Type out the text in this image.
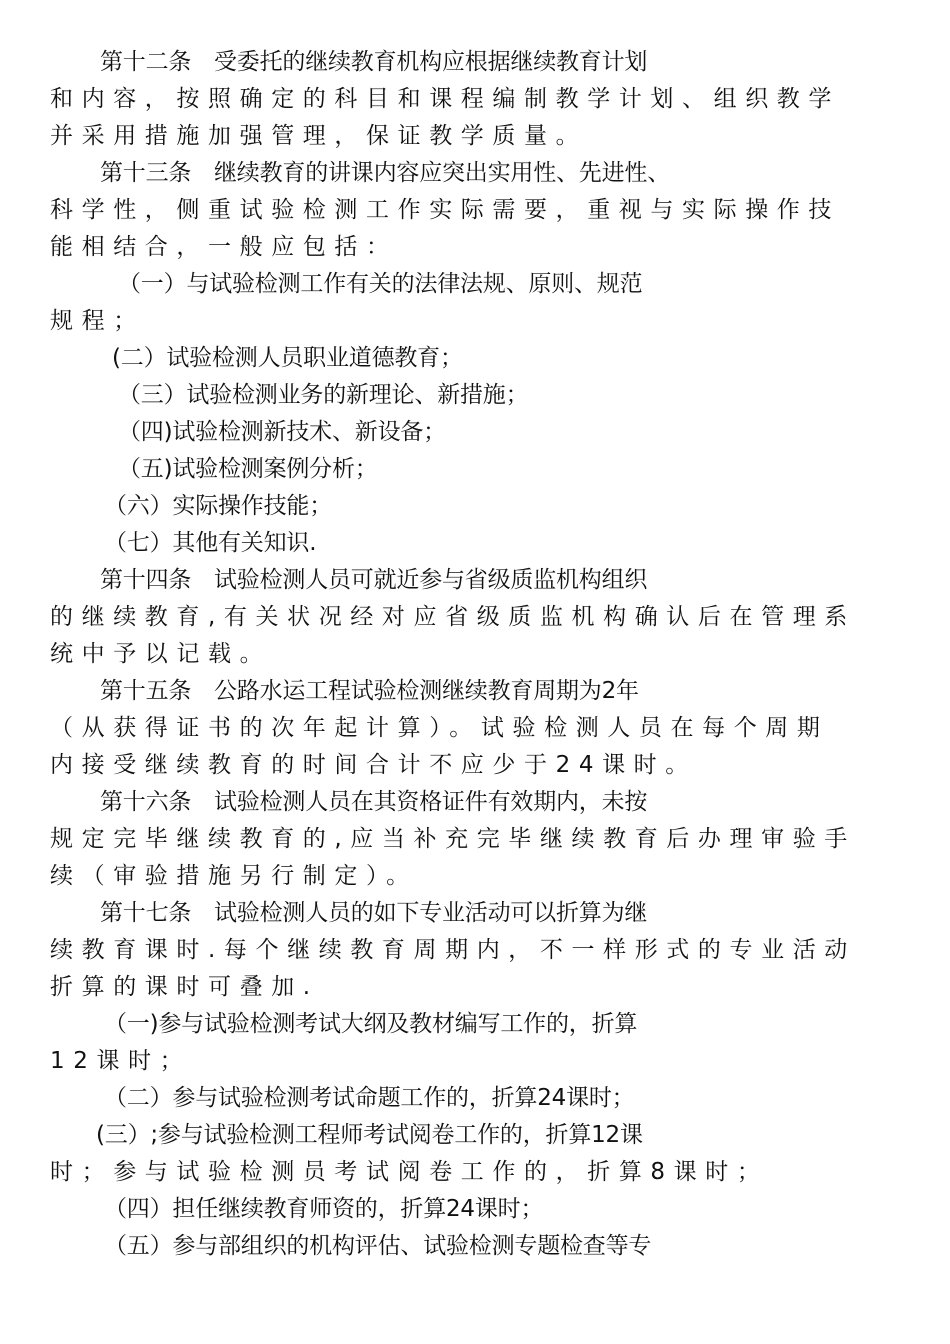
第十二条　受委托的继续教育机构应根据继续教育计划
和内容，按照确定的科目和课程编制教学计划、组织教学
并采用措施加强管理，保证教学质量。
第十三条　继续教育的讲课内容应突出实用性、先进性、
科学性，侧重试验检测工作实际需要，重视与实际操作技
能相结合，一般应包括：
（一）与试验检测工作有关的法律法规、原则、规范
规程；
(二）试验检测人员职业道德教育；
（三）试验检测业务的新理论、新措施；
（四)试验检测新技术、新设备；
（五)试验检测案例分析；
（六）实际操作技能；
（七）其他有关知识.
第十四条　试验检测人员可就近参与省级质监机构组织
的继续教育,有关状况经对应省级质监机构确认后在管理系
统中予以记载。
第十五条　公路水运工程试验检测继续教育周期为2年
（从获得证书的次年起计算）。试验检测人员在每个周期
内接受继续教育的时间合计不应少于24课时。
第十六条　试验检测人员在其资格证件有效期内，未按
规定完毕继续教育的,应当补充完毕继续教育后办理审验手
续（审验措施另行制定）。
第十七条　试验检测人员的如下专业活动可以折算为继
续教育课时.每个继续教育周期内，不一样形式的专业活动
折算的课时可叠加.
（一)参与试验检测考试大纲及教材编写工作的，折算
12课时；
（二）参与试验检测考试命题工作的，折算24课时；
(三）;参与试验检测工程师考试阅卷工作的，折算12课
时；参与试验检测员考试阅卷工作的，折算8课时；
（四）担任继续教育师资的，折算24课时；
（五）参与部组织的机构评估、试验检测专题检查等专
